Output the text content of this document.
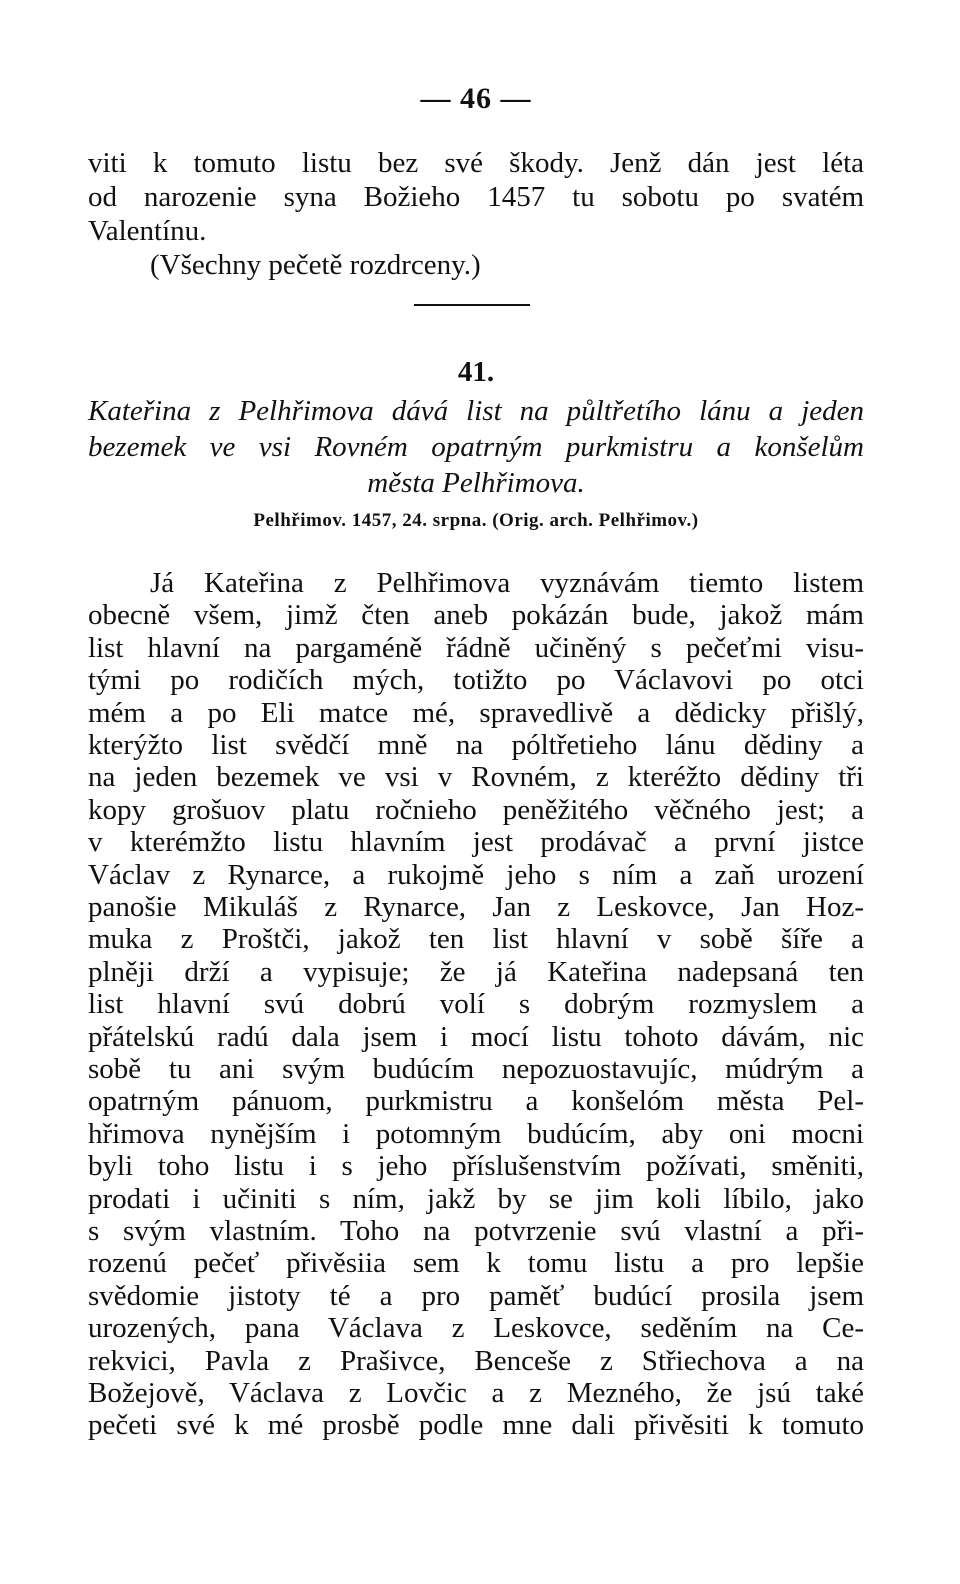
— 46 —
viti k tomuto listu bez své škody. Jenž dán jest léta
od narozenie syna Božieho 1457 tu sobotu po svatém
Valentínu.
(Všechny pečetě rozdrceny.)
41.
Kateřina z Pelhřimova dává list na půltřetího lánu a jeden
bezemek ve vsi Rovném opatrným purkmistru a konšelům
města Pelhřimova.
Pelhřimov. 1457, 24. srpna. (Orig. arch. Pelhřimov.)
Já Kateřina z Pelhřimova vyznávám tiemto listem
obecně všem, jimž čten aneb pokázán bude, jakož mám
list hlavní na pargaméně řádně učiněný s pečeťmi visu-
tými po rodičích mých, totižto po Václavovi po otci
mém a po Eli matce mé, spravedlivě a dědicky přišlý,
kterýžto list svědčí mně na póltřetieho lánu dědiny a
na jeden bezemek ve vsi v Rovném, z kteréžto dědiny tři
kopy grošuov platu ročnieho peněžitého věčného jest; a
v kterémžto listu hlavním jest prodávač a první jistce
Václav z Rynarce, a rukojmě jeho s ním a zaň urození
panošie Mikuláš z Rynarce, Jan z Leskovce, Jan Hoz-
muka z Proštči, jakož ten list hlavní v sobě šíře a
plněji drží a vypisuje; že já Kateřina nadepsaná ten
list hlavní svú dobrú volí s dobrým rozmyslem a
přátelskú radú dala jsem i mocí listu tohoto dávám, nic
sobě tu ani svým budúcím nepozuostavujíc, múdrým a
opatrným pánuom, purkmistru a konšelóm města Pel-
hřimova nynějším i potomným budúcím, aby oni mocni
byli toho listu i s jeho příslušenstvím požívati, směniti,
prodati i učiniti s ním, jakž by se jim koli líbilo, jako
s svým vlastním. Toho na potvrzenie svú vlastní a při-
rozenú pečeť přivěsiia sem k tomu listu a pro lepšie
svědomie jistoty té a pro paměť budúcí prosila jsem
urozených, pana Václava z Leskovce, seděním na Ce-
rekvici, Pavla z Prašivce, Benceše z Střiechova a na
Božejově, Václava z Lovčic a z Mezného, že jsú také
pečeti své k mé prosbě podle mne dali přivěsiti k tomuto
